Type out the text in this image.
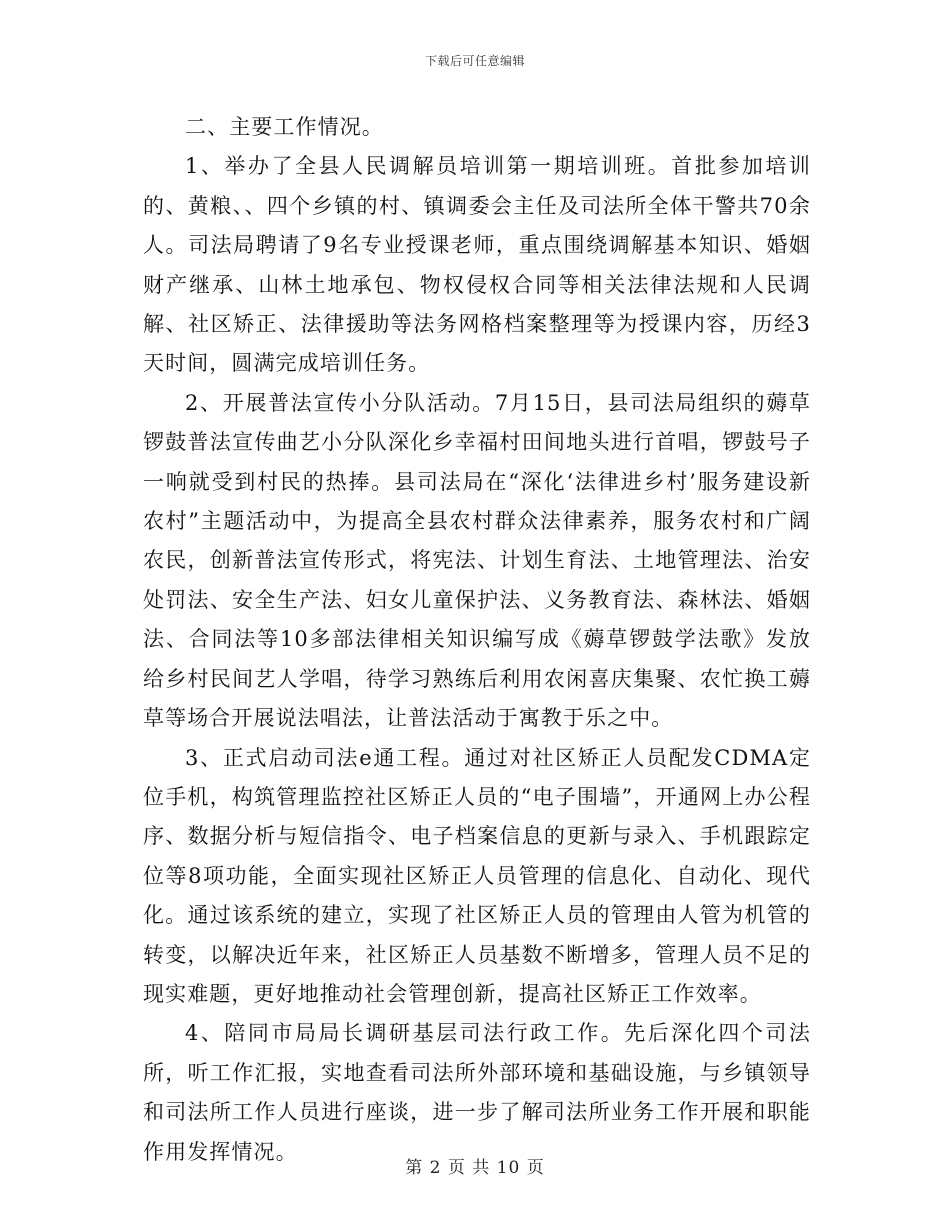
下载后可任意编辑

二、主要工作情况。

1、举办了全县人民调解员培训第一期培训班。首批参加培训的、黄粮、、四个乡镇的村、镇调委会主任及司法所全体干警共70余人。司法局聘请了9名专业授课老师，重点围绕调解基本知识、婚姻财产继承、山林土地承包、物权侵权合同等相关法律法规和人民调解、社区矫正、法律援助等法务网格档案整理等为授课内容，历经3天时间，圆满完成培训任务。

2、开展普法宣传小分队活动。7月15日，县司法局组织的薅草锣鼓普法宣传曲艺小分队深化乡幸福村田间地头进行首唱，锣鼓号子一响就受到村民的热捧。县司法局在“深化‘法律进乡村’服务建设新农村”主题活动中，为提高全县农村群众法律素养，服务农村和广阔农民，创新普法宣传形式，将宪法、计划生育法、土地管理法、治安处罚法、安全生产法、妇女儿童保护法、义务教育法、森林法、婚姻法、合同法等10多部法律相关知识编写成《薅草锣鼓学法歌》发放给乡村民间艺人学唱，待学习熟练后利用农闲喜庆集聚、农忙换工薅草等场合开展说法唱法，让普法活动于寓教于乐之中。

3、正式启动司法e通工程。通过对社区矫正人员配发CDMA定位手机，构筑管理监控社区矫正人员的“电子围墙”，开通网上办公程序、数据分析与短信指令、电子档案信息的更新与录入、手机跟踪定位等8项功能，全面实现社区矫正人员管理的信息化、自动化、现代化。通过该系统的建立，实现了社区矫正人员的管理由人管为机管的转变，以解决近年来，社区矫正人员基数不断增多，管理人员不足的现实难题，更好地推动社会管理创新，提高社区矫正工作效率。

4、陪同市局局长调研基层司法行政工作。先后深化四个司法所，听工作汇报，实地查看司法所外部环境和基础设施，与乡镇领导和司法所工作人员进行座谈，进一步了解司法所业务工作开展和职能作用发挥情况。

第 2 页 共 10 页
